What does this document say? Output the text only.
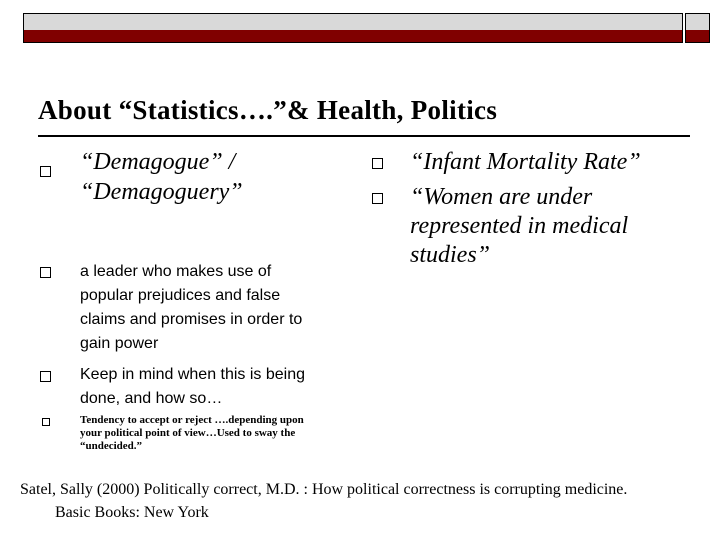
About “Statistics….”& Health, Politics
“Demagogue” /
“Demagoguery”
a leader who makes use of
popular prejudices and false
claims and promises in order to
gain power
Keep in mind when this is being
done, and how so…
Tendency to accept or reject ….depending upon
your political point of view…Used to sway the
“undecided.”
“Infant Mortality Rate”
“Women are under
represented in medical
studies”
Satel, Sally (2000) Politically correct, M.D. : How political correctness is corrupting medicine.
Basic Books: New York
